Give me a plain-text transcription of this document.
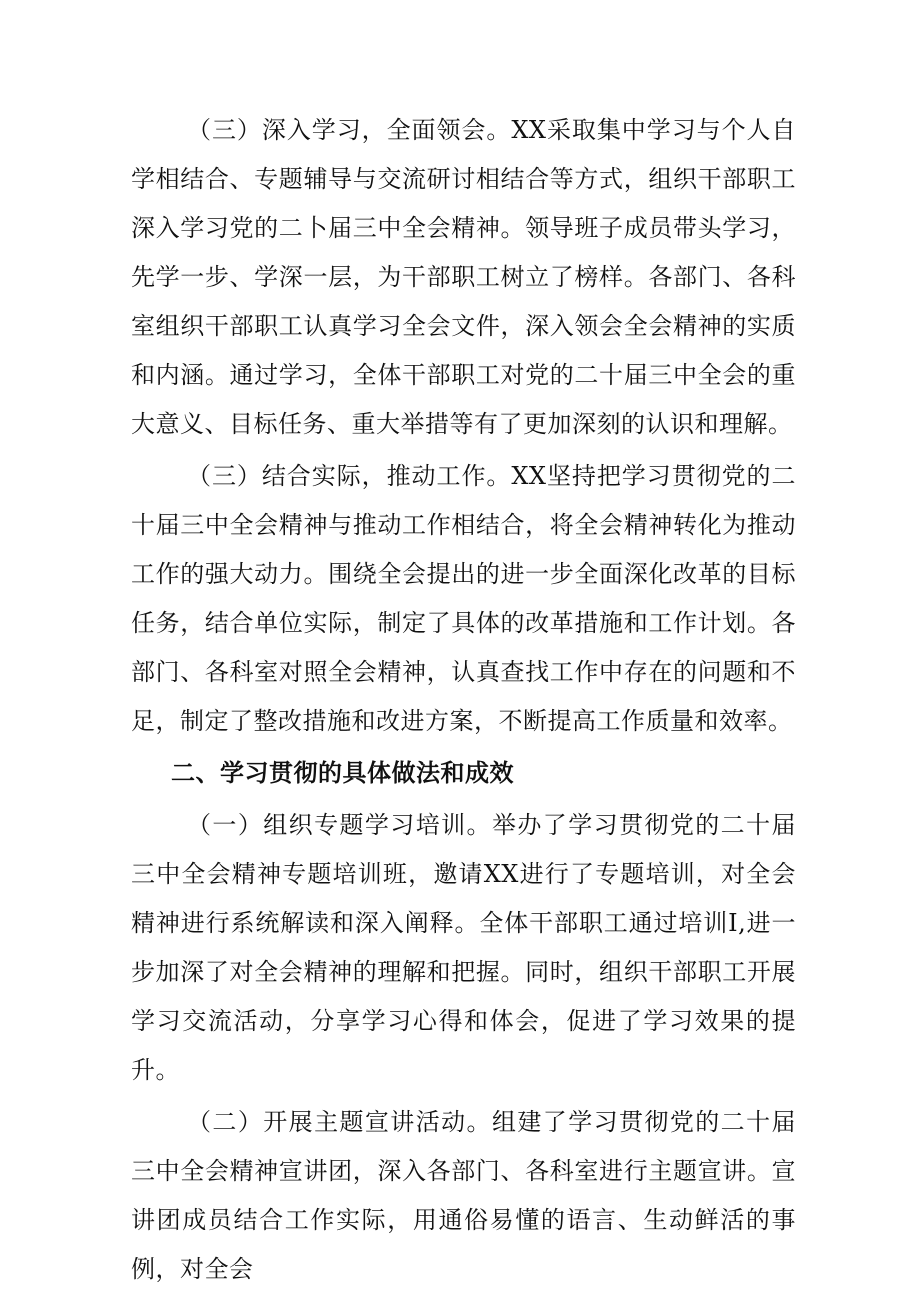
（三）深入学习，全面领会。XX采取集中学习与个人自学相结合、专题辅导与交流研讨相结合等方式，组织干部职工深入学习党的二卜届三中全会精神。领导班子成员带头学习，先学一步、学深一层，为干部职工树立了榜样。各部门、各科室组织干部职工认真学习全会文件，深入领会全会精神的实质和内涵。通过学习，全体干部职工对党的二十届三中全会的重大意义、目标任务、重大举措等有了更加深刻的认识和理解。

（三）结合实际，推动工作。XX坚持把学习贯彻党的二十届三中全会精神与推动工作相结合，将全会精神转化为推动工作的强大动力。围绕全会提出的进一步全面深化改革的目标任务，结合单位实际，制定了具体的改革措施和工作计划。各部门、各科室对照全会精神，认真查找工作中存在的问题和不足，制定了整改措施和改进方案，不断提高工作质量和效率。

二、学习贯彻的具体做法和成效

（一）组织专题学习培训。举办了学习贯彻党的二十届三中全会精神专题培训班，邀请XX进行了专题培训，对全会精神进行系统解读和深入阐释。全体干部职工通过培训I,进一步加深了对全会精神的理解和把握。同时，组织干部职工开展学习交流活动，分享学习心得和体会，促进了学习效果的提升。

（二）开展主题宣讲活动。组建了学习贯彻党的二十届三中全会精神宣讲团，深入各部门、各科室进行主题宣讲。宣讲团成员结合工作实际，用通俗易懂的语言、生动鲜活的事例，对全会
